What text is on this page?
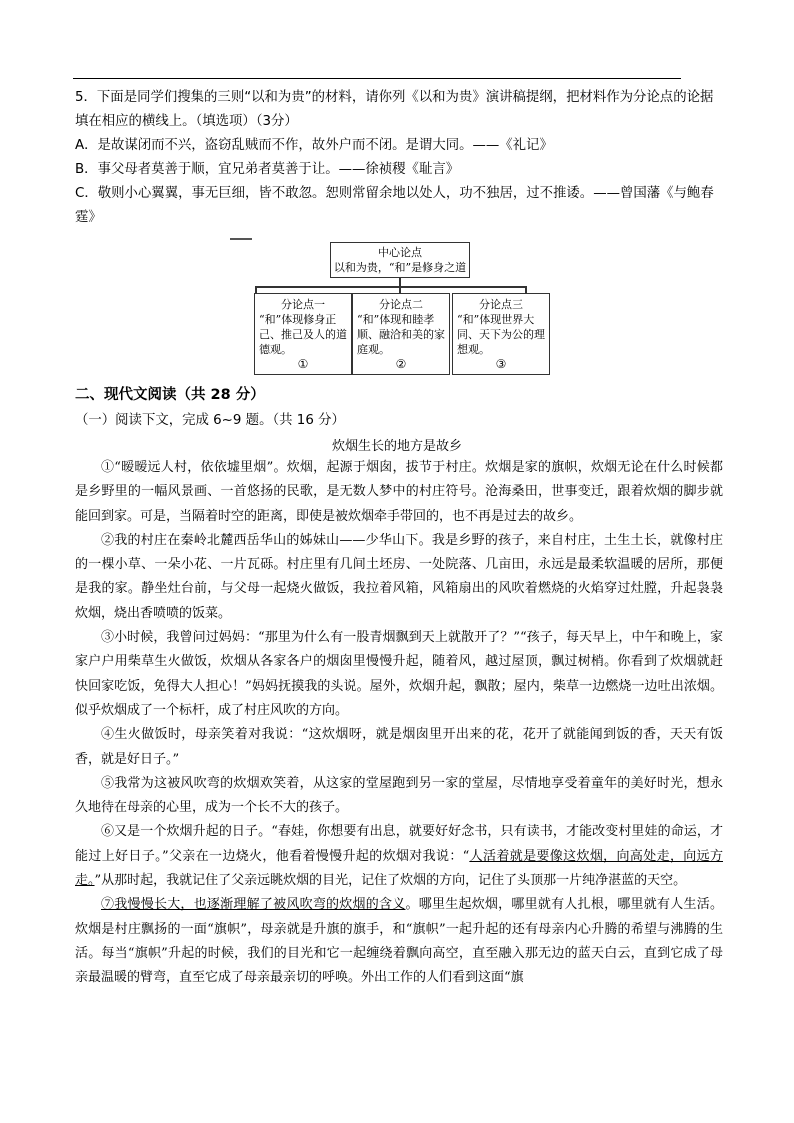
5．下面是同学们搜集的三则“以和为贵”的材料，请你列《以和为贵》演讲稿提纲，把材料作为分论点的论据填在相应的横线上。（填选项）（3分）

A．是故谋闭而不兴，盗窃乱贼而不作，故外户而不闭。是谓大同。——《礼记》

B．事父母者莫善于顺，宜兄弟者莫善于让。——徐祯稷《耻言》

C．敬则小心翼翼，事无巨细，皆不敢忽。恕则常留余地以处人，功不独居，过不推诿。——曾国藩《与鲍春霆》

中心论点
以和为贵，“和”是修身之道
分论点一
“和”体现修身正己、推己及人的道德观。
①
分论点二
“和”体现和睦孝顺、融洽和美的家庭观。
②
分论点三
“和”体现世界大同、天下为公的理想观。
③
二、现代文阅读（共 28 分）
（一）阅读下文，完成 6~9 题。（共 16 分）
炊烟生长的地方是故乡

①“暧暧远人村，依依墟里烟”。炊烟，起源于烟囱，拔节于村庄。炊烟是家的旗帜，炊烟无论在什么时候都是乡野里的一幅风景画、一首悠扬的民歌，是无数人梦中的村庄符号。沧海桑田，世事变迁，跟着炊烟的脚步就能回到家。可是，当隔着时空的距离，即使是被炊烟牵手带回的，也不再是过去的故乡。

②我的村庄在秦岭北麓西岳华山的姊妹山——少华山下。我是乡野的孩子，来自村庄，土生土长，就像村庄的一棵小草、一朵小花、一片瓦砾。村庄里有几间土坯房、一处院落、几亩田，永远是最柔软温暖的居所，那便是我的家。静坐灶台前，与父母一起烧火做饭，我拉着风箱，风箱扇出的风吹着燃烧的火焰穿过灶膛，升起袅袅炊烟，烧出香喷喷的饭菜。

③小时候，我曾问过妈妈：“那里为什么有一股青烟飘到天上就散开了？”“孩子，每天早上，中午和晚上，家家户户用柴草生火做饭，炊烟从各家各户的烟囱里慢慢升起，随着风，越过屋顶，飘过树梢。你看到了炊烟就赶快回家吃饭，免得大人担心！”妈妈抚摸我的头说。屋外，炊烟升起，飘散；屋内，柴草一边燃烧一边吐出浓烟。似乎炊烟成了一个标杆，成了村庄风吹的方向。

④生火做饭时，母亲笑着对我说：“这炊烟呀，就是烟囱里开出来的花，花开了就能闻到饭的香，天天有饭香，就是好日子。”

⑤我常为这被风吹弯的炊烟欢笑着，从这家的堂屋跑到另一家的堂屋，尽情地享受着童年的美好时光，想永久地待在母亲的心里，成为一个长不大的孩子。

⑥又是一个炊烟升起的日子。“春娃，你想要有出息，就要好好念书，只有读书，才能改变村里娃的命运，才能过上好日子。”父亲在一边烧火，他看着慢慢升起的炊烟对我说：“人活着就是要像这炊烟，向高处走，向远方走。”从那时起，我就记住了父亲远眺炊烟的目光，记住了炊烟的方向，记住了头顶那一片纯净湛蓝的天空。

⑦我慢慢长大，也逐渐理解了被风吹弯的炊烟的含义。哪里生起炊烟，哪里就有人扎根，哪里就有人生活。炊烟是村庄飘扬的一面“旗帜”，母亲就是升旗的旗手，和“旗帜”一起升起的还有母亲内心升腾的希望与沸腾的生活。每当“旗帜”升起的时候，我们的目光和它一起缠绕着飘向高空，直至融入那无边的蓝天白云，直到它成了母亲最温暖的臂弯，直至它成了母亲最亲切的呼唤。外出工作的人们看到这面“旗
